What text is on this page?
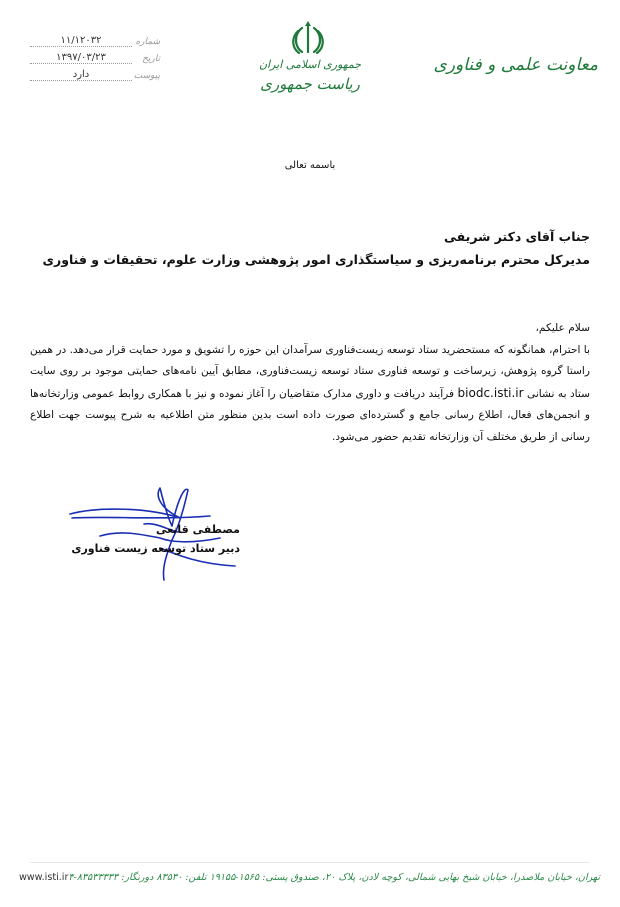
معاونت علمی و فناوری
جمهوری اسلامی ایران
ریاست جمهوری
شماره
۱۱/۱۲۰۳۲
تاریخ
۱۳۹۷/۰۳/۲۳
پیوست
دارد
باسمه تعالی
جناب آقای دکتر شریفی
مدیرکل محترم برنامه‌ریزی و سیاستگذاری امور پژوهشی وزارت علوم، تحقیقات و فناوری

سلام علیکم،

با احترام، همانگونه که مستحضرید ستاد توسعه زیست‌فناوری سرآمدان این حوزه را تشویق و مورد حمایت قرار می‌دهد. در همین راستا گروه پژوهش، زیرساخت و توسعه فناوری ستاد توسعه زیست‌فناوری، مطابق آیین نامه‌های حمایتی موجود بر روی سایت ستاد به نشانی biodc.isti.ir فرآیند دریافت و داوری مدارک متقاضیان را آغاز نموده و نیز با همکاری روابط عمومی وزارتخانه‌ها و انجمن‌های فعال، اطلاع رسانی جامع و گسترده‌ای صورت داده است بدین منظور متن اطلاعیه به شرح پیوست جهت اطلاع رسانی از طریق مختلف آن وزارتخانه تقدیم حضور می‌شود.

مصطفی قانعی
دبیر ستاد توسعه زیست فناوری
تهران، خیابان ملاصدرا، خیابان شیخ بهایی شمالی، کوچه لادن، پلاک ۲۰، صندوق پستی: ۱۵۶۵-۱۹۱۵۵ تلفن: ۸۳۵۳۰ دورنگار: ۸۳۵۳۳۳۳۳-۴
www.isti.ir
